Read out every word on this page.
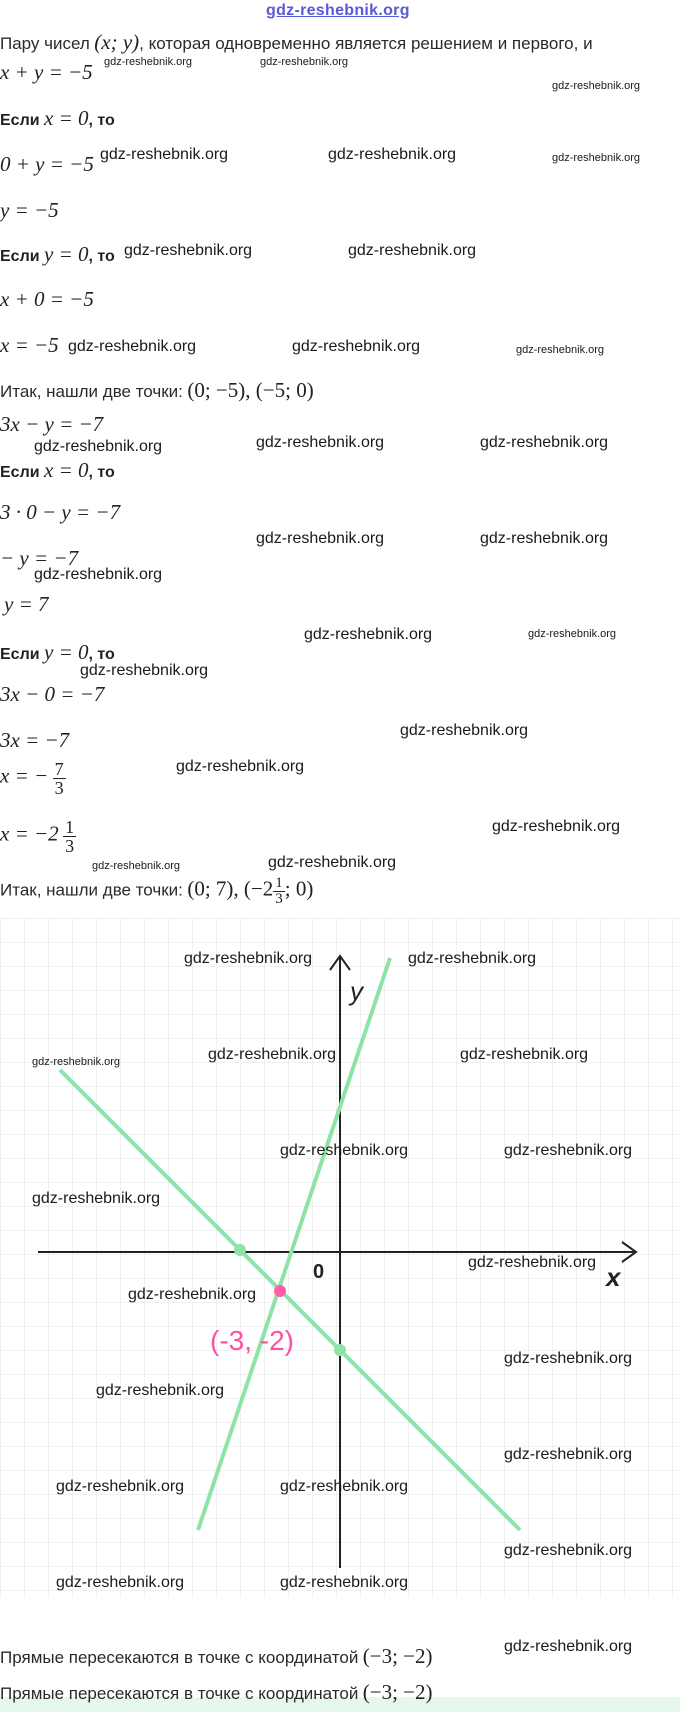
gdz-reshebnik.org
Пару чисел (x; y), которая одновременно является решением и первого, и
x + y = −5
Если x = 0, то
0 + y = −5
y = −5
Если y = 0, то
x + 0 = −5
x = −5
Итак, нашли две точки: (0; −5), (−5; 0)
3x − y = −7
Если x = 0, то
3 · 0 − y = −7
− y = −7
y = 7
Если y = 0, то
3x − 0 = −7
3x = −7
x = − $\frac{7}{3}$
$x = -2 \frac{1}{3}$
Итак, нашли две точки: (0; 7), ($-2 \frac{1}{3}$ ; 0)
y
x
0
(-3, -2)
Прямые пересекаются в точке с координатой (−3; −2)
Прямые пересекаются в точке с координатой (−3; −2)
gdz-reshebnik.org	gdz-reshebnik.org
gdz-reshebnik.org
gdz-reshebnik.org	gdz-reshebnik.org	gdz-reshebnik.org
gdz-reshebnik.org	gdz-reshebnik.org
gdz-reshebnik.org	gdz-reshebnik.org	gdz-reshebnik.org
gdz-reshebnik.org	gdz-reshebnik.org	gdz-reshebnik.org
gdz-reshebnik.org	gdz-reshebnik.org
gdz-reshebnik.org
gdz-reshebnik.org	gdz-reshebnik.org
gdz-reshebnik.org
gdz-reshebnik.org
gdz-reshebnik.org
gdz-reshebnik.org
gdz-reshebnik.org	gdz-reshebnik.org
gdz-reshebnik.org	gdz-reshebnik.org
gdz-reshebnik.org	gdz-reshebnik.org	gdz-reshebnik.org
gdz-reshebnik.org	gdz-reshebnik.org
gdz-reshebnik.org
gdz-reshebnik.org
gdz-reshebnik.org
gdz-reshebnik.org
gdz-reshebnik.org
gdz-reshebnik.org
gdz-reshebnik.org	gdz-reshebnik.org
gdz-reshebnik.org
gdz-reshebnik.org	gdz-reshebnik.org
gdz-reshebnik.org
